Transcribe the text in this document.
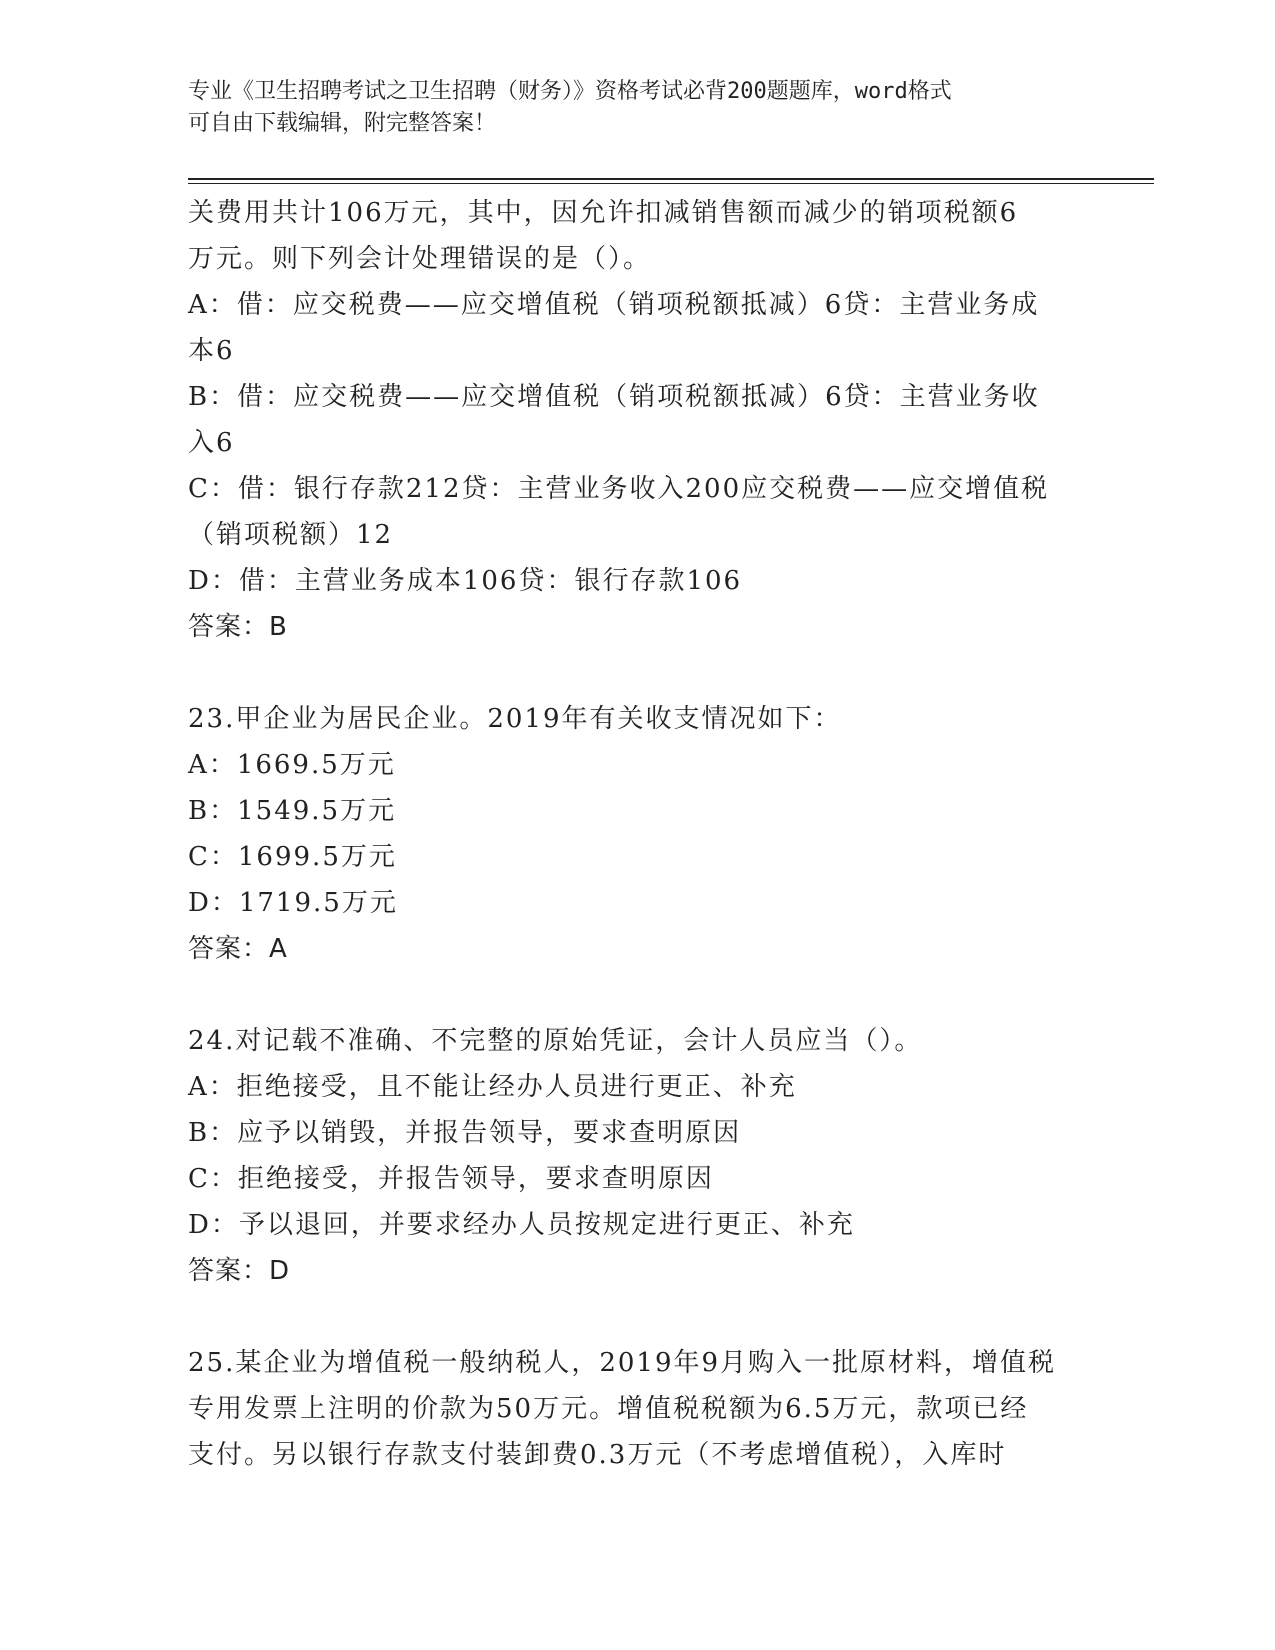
专业《卫生招聘考试之卫生招聘（财务）》资格考试必背200题题库，word格式
可自由下载编辑，附完整答案！

关费用共计106万元，其中，因允许扣减销售额而减少的销项税额6

万元。则下列会计处理错误的是（）。

A：借：应交税费——应交增值税（销项税额抵减）6贷：主营业务成

本6

B：借：应交税费——应交增值税（销项税额抵减）6贷：主营业务收

入6

C：借：银行存款212贷：主营业务收入200应交税费——应交增值税

（销项税额）12

D：借：主营业务成本106贷：银行存款106

答案：B

23.甲企业为居民企业。2019年有关收支情况如下：

A：1669.5万元

B：1549.5万元

C：1699.5万元

D：1719.5万元

答案：A

24.对记载不准确、不完整的原始凭证，会计人员应当（）。

A：拒绝接受，且不能让经办人员进行更正、补充

B：应予以销毁，并报告领导，要求查明原因

C：拒绝接受，并报告领导，要求查明原因

D：予以退回，并要求经办人员按规定进行更正、补充

答案：D

25.某企业为增值税一般纳税人，2019年9月购入一批原材料，增值税

专用发票上注明的价款为50万元。增值税税额为6.5万元，款项已经

支付。另以银行存款支付装卸费0.3万元（不考虑增值税），入库时
